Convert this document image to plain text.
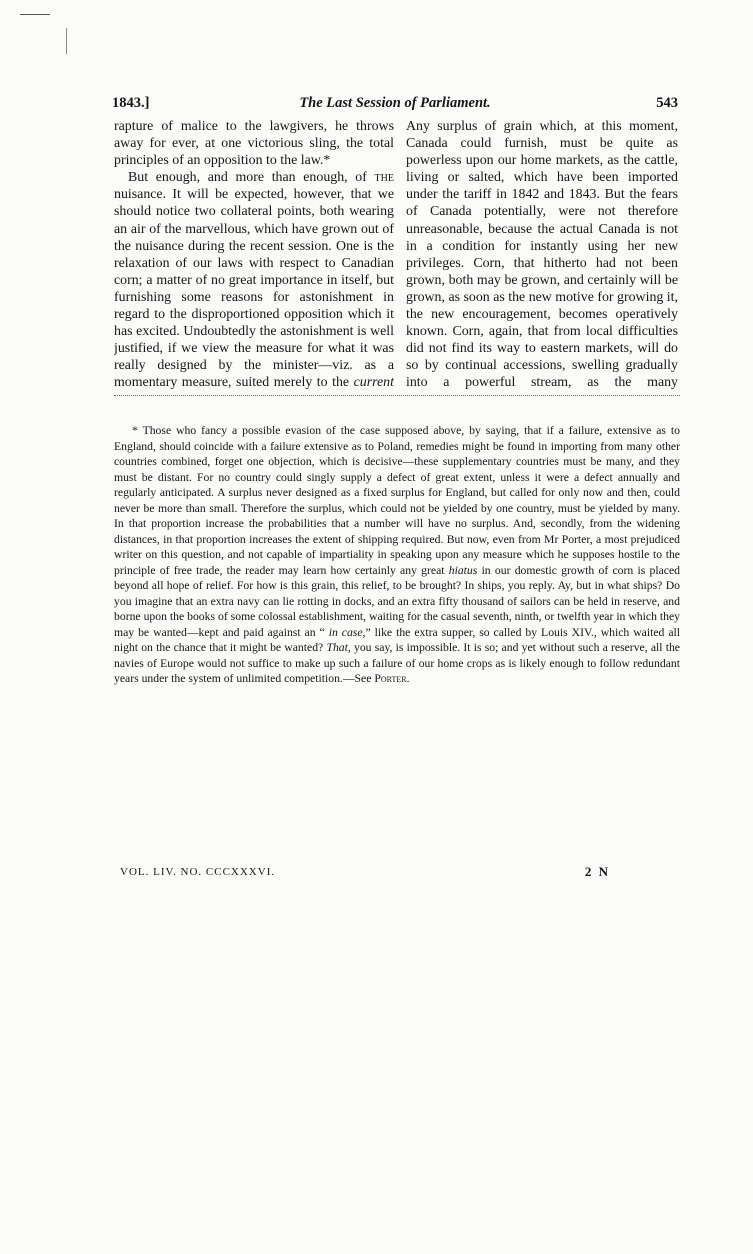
1843.]	The Last Session of Parliament.	543

rapture of malice to the lawgivers, he throws away for ever, at one victorious sling, the total principles of an opposition to the law.*

But enough, and more than enough, of the nuisance. It will be expected, however, that we should notice two collateral points, both wearing an air of the marvellous, which have grown out of the nuisance during the recent session. One is the relaxation of our laws with respect to Canadian corn; a matter of no great importance in itself, but furnishing some reasons for astonishment in regard to the disproportioned opposition which it has excited. Undoubtedly the astonishment is well justified, if we view the measure for what it was really designed by the minister—viz. as a momentary measure, suited merely to the current

Any surplus of grain which, at this moment, Canada could furnish, must be quite as powerless upon our home markets, as the cattle, living or salted, which have been imported under the tariff in 1842 and 1843. But the fears of Canada potentially, were not therefore unreasonable, because the actual Canada is not in a condition for instantly using her new privileges. Corn, that hitherto had not been grown, both may be grown, and certainly will be grown, as soon as the new motive for growing it, the new encouragement, becomes operatively known. Corn, again, that from local difficulties did not find its way to eastern markets, will do so by continual accessions, swelling gradually into a powerful stream, as the many

* Those who fancy a possible evasion of the case supposed above, by saying, that if a failure, extensive as to England, should coincide with a failure extensive as to Poland, remedies might be found in importing from many other countries combined, forget one objection, which is decisive—these supplementary countries must be many, and they must be distant. For no country could singly supply a defect of great extent, unless it were a defect annually and regularly anticipated. A surplus never designed as a fixed surplus for England, but called for only now and then, could never be more than small. Therefore the surplus, which could not be yielded by one country, must be yielded by many. In that proportion increase the probabilities that a number will have no surplus. And, secondly, from the widening distances, in that proportion increases the extent of shipping required. But now, even from Mr Porter, a most prejudiced writer on this question, and not capable of impartiality in speaking upon any measure which he supposes hostile to the principle of free trade, the reader may learn how certainly any great hiatus in our domestic growth of corn is placed beyond all hope of relief. For how is this grain, this relief, to be brought? In ships, you reply. Ay, but in what ships? Do you imagine that an extra navy can lie rotting in docks, and an extra fifty thousand of sailors can be held in reserve, and borne upon the books of some colossal establishment, waiting for the casual seventh, ninth, or twelfth year in which they may be wanted—kept and paid against an “ in case,” like the extra supper, so called by Louis XIV., which waited all night on the chance that it might be wanted? That, you say, is impossible. It is so; and yet without such a reserve, all the navies of Europe would not suffice to make up such a failure of our home crops as is likely enough to follow redundant years under the system of unlimited competition.—See Porter.

VOL. LIV. NO. CCCXXXVI.	2 N
